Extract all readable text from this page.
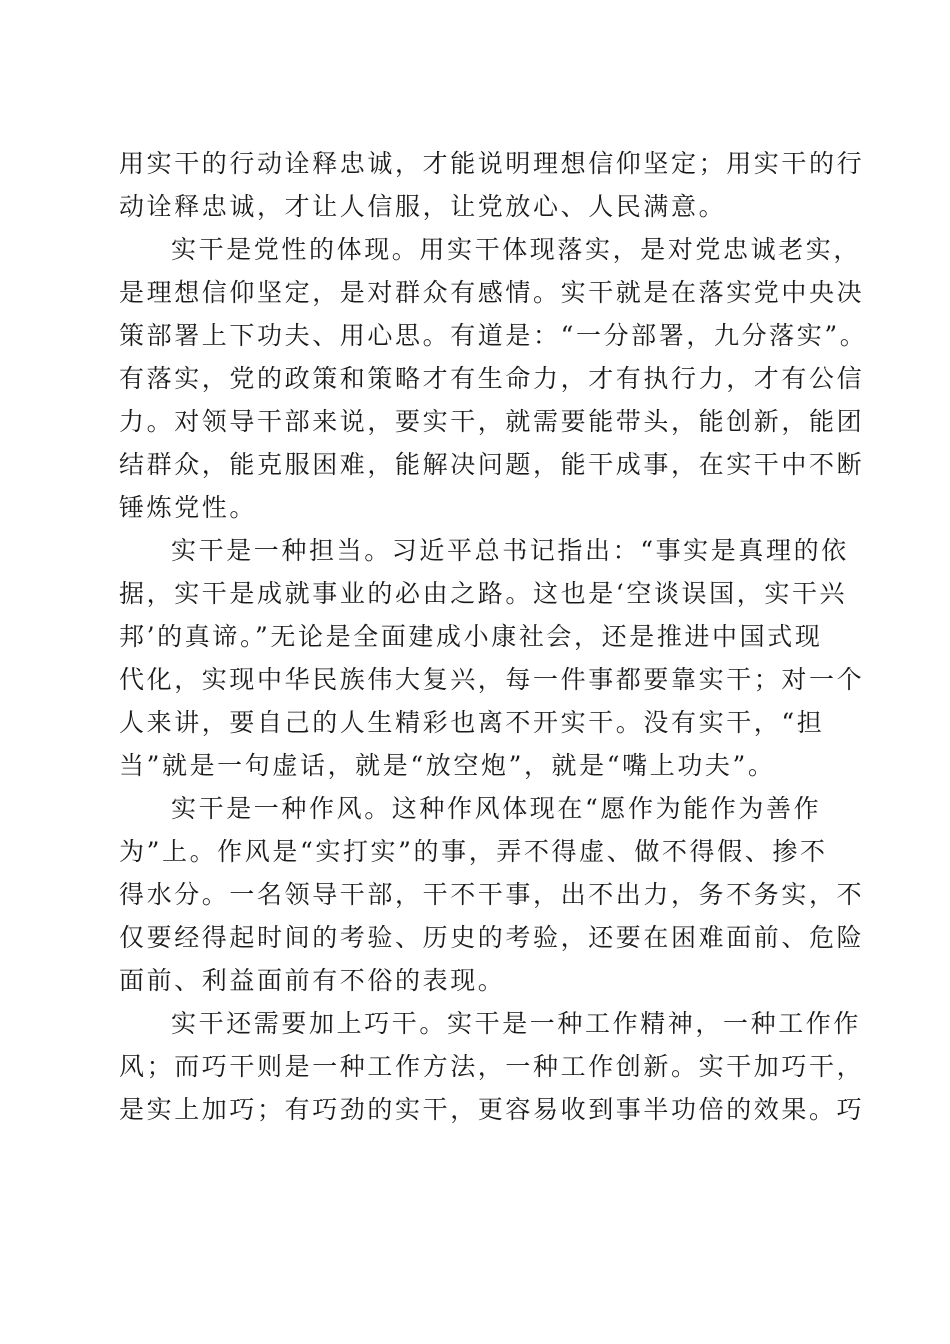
用实干的行动诠释忠诚，才能说明理想信仰坚定；用实干的行
动诠释忠诚，才让人信服，让党放心、人民满意。
实干是党性的体现。用实干体现落实，是对党忠诚老实，
是理想信仰坚定，是对群众有感情。实干就是在落实党中央决
策部署上下功夫、用心思。有道是：“一分部署，九分落实”。
有落实，党的政策和策略才有生命力，才有执行力，才有公信
力。对领导干部来说，要实干，就需要能带头，能创新，能团
结群众，能克服困难，能解决问题，能干成事，在实干中不断
锤炼党性。
实干是一种担当。习近平总书记指出：“事实是真理的依
据，实干是成就事业的必由之路。这也是‘空谈误国，实干兴
邦’的真谛。”无论是全面建成小康社会，还是推进中国式现
代化，实现中华民族伟大复兴，每一件事都要靠实干；对一个
人来讲，要自己的人生精彩也离不开实干。没有实干，“担
当”就是一句虚话，就是“放空炮”，就是“嘴上功夫”。
实干是一种作风。这种作风体现在“愿作为能作为善作
为”上。作风是“实打实”的事，弄不得虚、做不得假、掺不
得水分。一名领导干部，干不干事，出不出力，务不务实，不
仅要经得起时间的考验、历史的考验，还要在困难面前、危险
面前、利益面前有不俗的表现。
实干还需要加上巧干。实干是一种工作精神，一种工作作
风；而巧干则是一种工作方法，一种工作创新。实干加巧干，
是实上加巧；有巧劲的实干，更容易收到事半功倍的效果。巧
